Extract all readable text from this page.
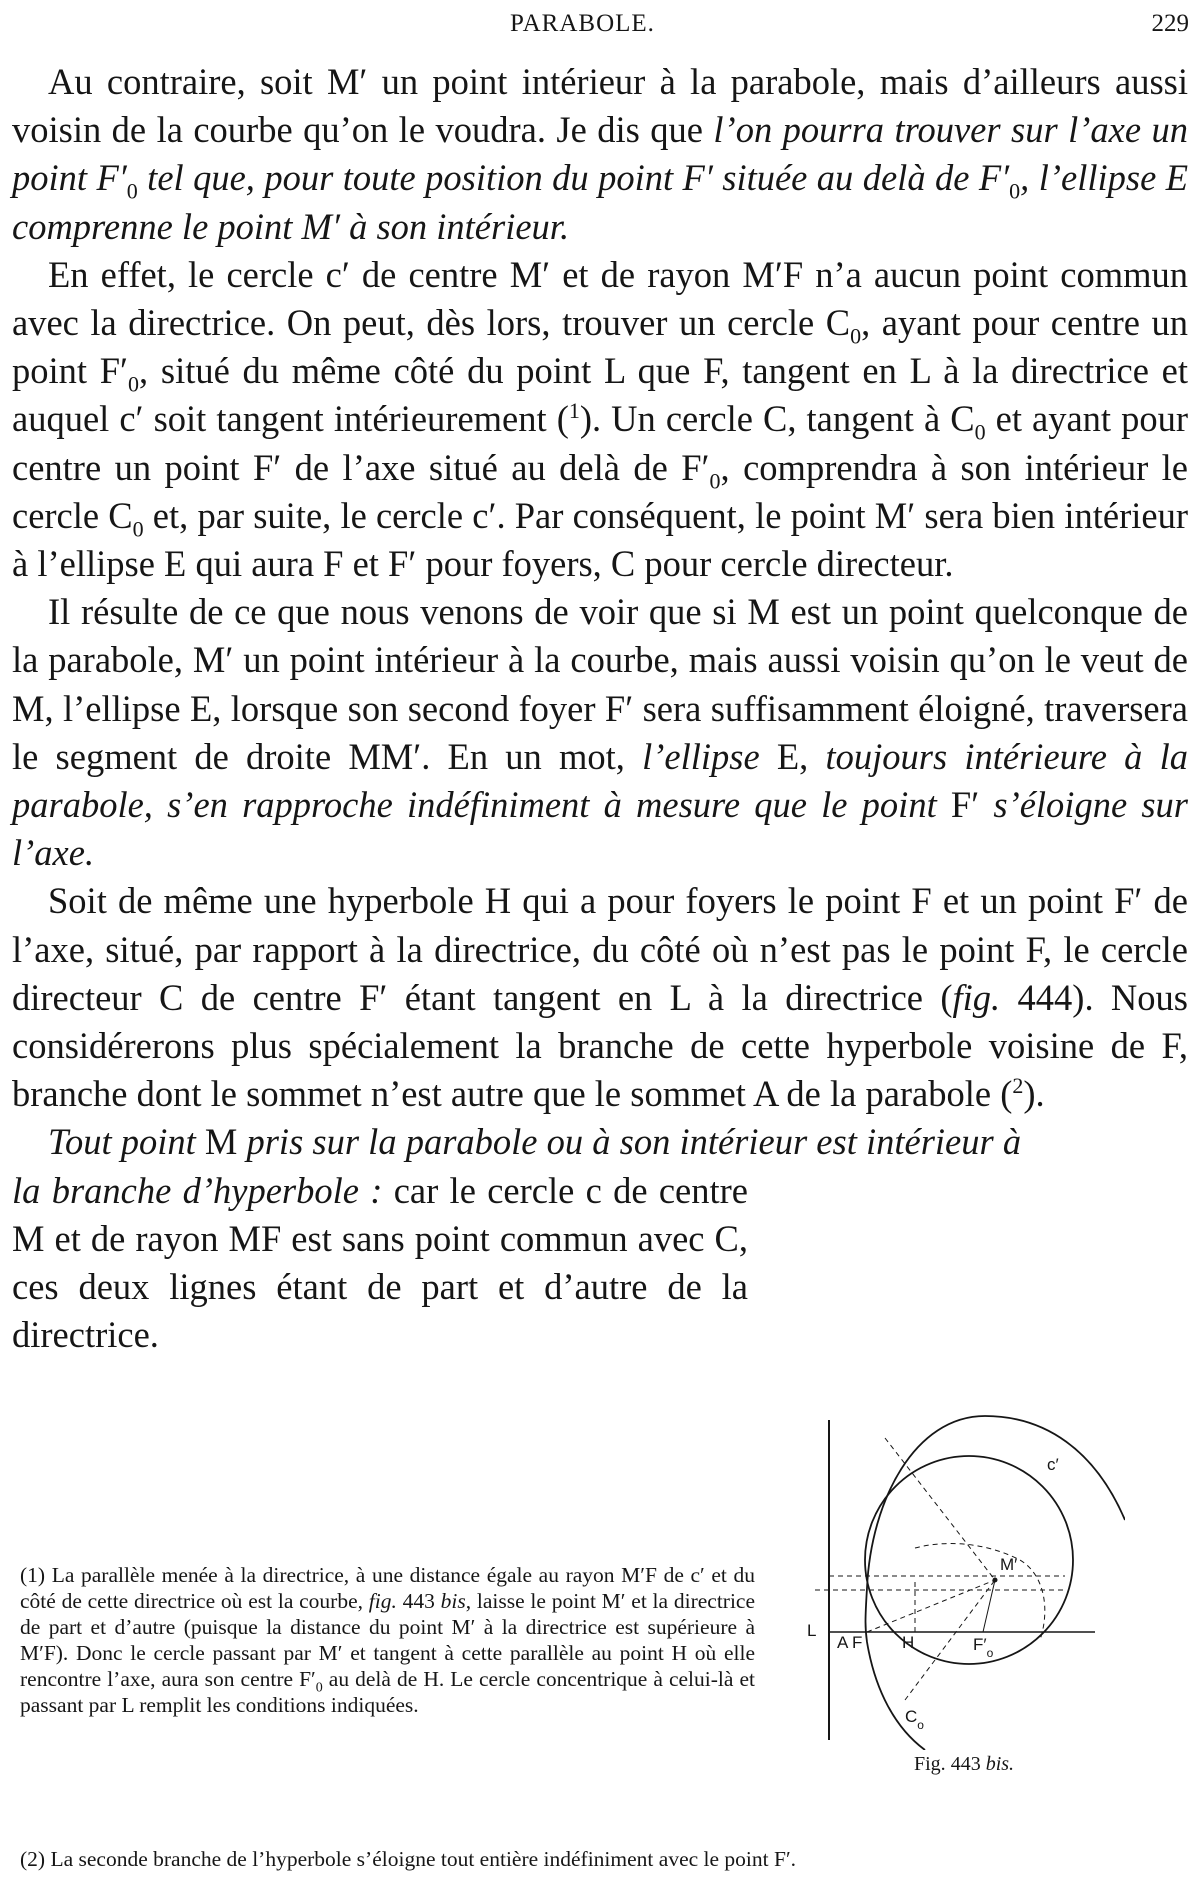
PARABOLE.	229

Au contraire, soit M′ un point intérieur à la parabole, mais d’ailleurs aussi voisin de la courbe qu’on le voudra. Je dis que l’on pourra trouver sur l’axe un point $F'_0$ tel que, pour toute position du point F′ située au delà de $F'_0$, l’ellipse E comprenne le point M′ à son intérieur.

En effet, le cercle c′ de centre M′ et de rayon M′F n’a aucun point commun avec la directrice. On peut, dès lors, trouver un cercle $C_0$, ayant pour centre un point $F'_0$, situé du même côté du point L que F, tangent en L à la directrice et auquel c′ soit tangent intérieurement ($^1$). Un cercle C, tangent à $C_0$ et ayant pour centre un point F′ de l’axe situé au delà de $F'_0$, comprendra à son intérieur le cercle $C_0$ et, par suite, le cercle c′. Par conséquent, le point M′ sera bien intérieur à l’ellipse E qui aura F et F′ pour foyers, C pour cercle directeur.

Il résulte de ce que nous venons de voir que si M est un point quelconque de la parabole, M′ un point intérieur à la courbe, mais aussi voisin qu’on le veut de M, l’ellipse E, lorsque son second foyer F′ sera suffisamment éloigné, traversera le segment de droite MM′. En un mot, l’ellipse E, toujours intérieure à la parabole, s’en rapproche indéfiniment à mesure que le point F′ s’éloigne sur l’axe.

Soit de même une hyperbole H qui a pour foyers le point F et un point F′ de l’axe, situé, par rapport à la directrice, du côté où n’est pas le point F, le cercle directeur C de centre F′ étant tangent en L à la directrice (fig. 444). Nous considérerons plus spécialement la branche de cette hyperbole voisine de F, branche dont le sommet n’est autre que le sommet A de la parabole ($^2$).

Tout point M pris sur la parabole ou à son intérieur est intérieur à

la branche d’hyperbole : car le cercle c de centre M et de rayon MF est sans point commun avec C, ces deux lignes étant de part et d’autre de la directrice.

L
A F H	$F'_o$
M′
c′
$C_o$
Fig. 443 bis.
(1) La parallèle menée à la directrice, à une distance égale au rayon M′F de c′ et du côté de cette directrice où est la courbe, fig. 443 bis, laisse le point M′ et la directrice de part et d’autre (puisque la distance du point M′ à la directrice est supérieure à M′F). Donc le cercle passant par M′ et tangent à cette parallèle au point H où elle rencontre l’axe, aura son centre $F'_0$ au delà de H. Le cercle concentrique à celui-là et passant par L remplit les conditions indiquées.
(2) La seconde branche de l’hyperbole s’éloigne tout entière indéfiniment avec le point F′.
